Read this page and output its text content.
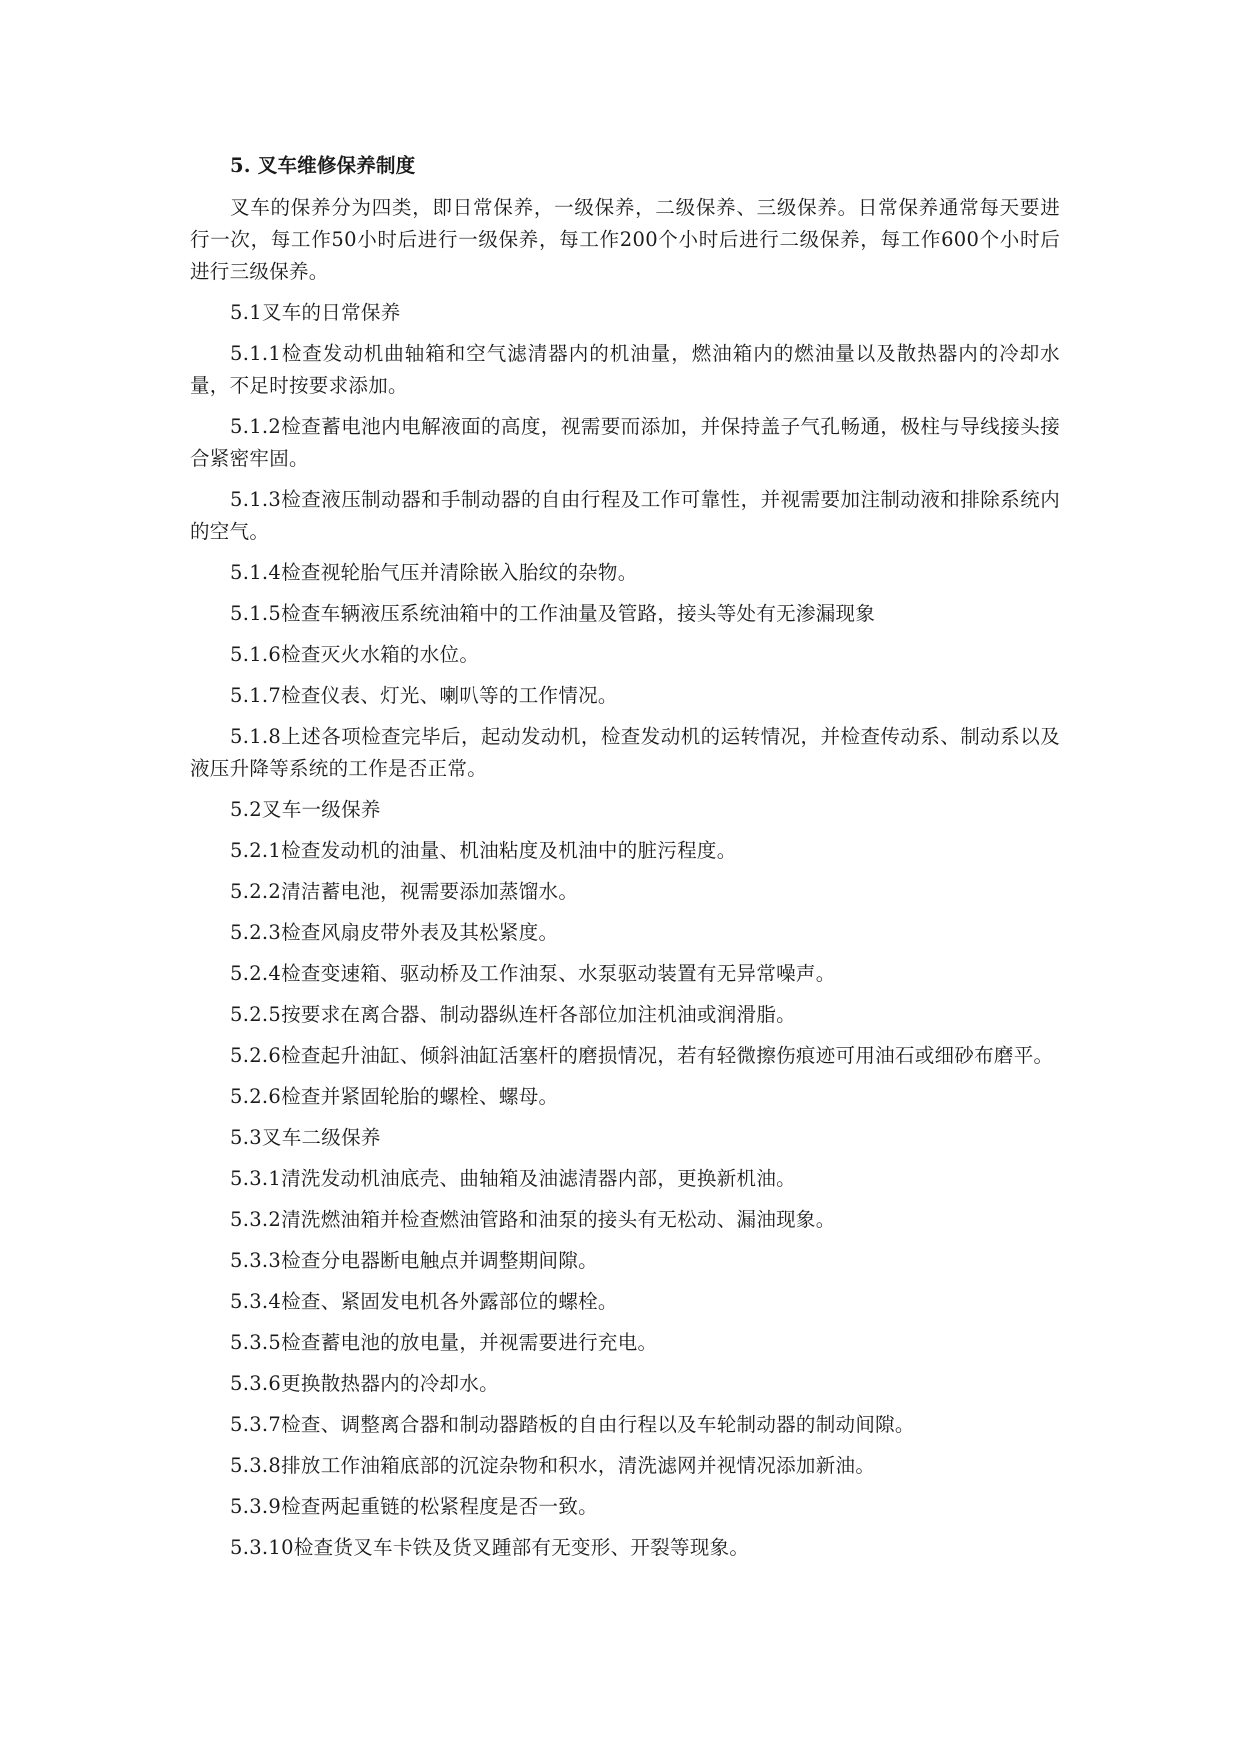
5. 叉车维修保养制度

叉车的保养分为四类，即日常保养，一级保养，二级保养、三级保养。日常保养通常每天要进行一次，每工作50小时后进行一级保养，每工作200个小时后进行二级保养，每工作600个小时后进行三级保养。

5.1叉车的日常保养

5.1.1检查发动机曲轴箱和空气滤清器内的机油量，燃油箱内的燃油量以及散热器内的冷却水量，不足时按要求添加。

5.1.2检查蓄电池内电解液面的高度，视需要而添加，并保持盖子气孔畅通，极柱与导线接头接合紧密牢固。

5.1.3检查液压制动器和手制动器的自由行程及工作可靠性，并视需要加注制动液和排除系统内的空气。

5.1.4检查视轮胎气压并清除嵌入胎纹的杂物。

5.1.5检查车辆液压系统油箱中的工作油量及管路，接头等处有无渗漏现象

5.1.6检查灭火水箱的水位。

5.1.7检查仪表、灯光、喇叭等的工作情况。

5.1.8上述各项检查完毕后，起动发动机，检查发动机的运转情况，并检查传动系、制动系以及液压升降等系统的工作是否正常。

5.2叉车一级保养

5.2.1检查发动机的油量、机油粘度及机油中的脏污程度。

5.2.2清洁蓄电池，视需要添加蒸馏水。

5.2.3检查风扇皮带外表及其松紧度。

5.2.4检查变速箱、驱动桥及工作油泵、水泵驱动装置有无异常噪声。

5.2.5按要求在离合器、制动器纵连杆各部位加注机油或润滑脂。

5.2.6检查起升油缸、倾斜油缸活塞杆的磨损情况，若有轻微擦伤痕迹可用油石或细砂布磨平。

5.2.6检查并紧固轮胎的螺栓、螺母。

5.3叉车二级保养

5.3.1清洗发动机油底壳、曲轴箱及油滤清器内部，更换新机油。

5.3.2清洗燃油箱并检查燃油管路和油泵的接头有无松动、漏油现象。

5.3.3检查分电器断电触点并调整期间隙。

5.3.4检查、紧固发电机各外露部位的螺栓。

5.3.5检查蓄电池的放电量，并视需要进行充电。

5.3.6更换散热器内的冷却水。

5.3.7检查、调整离合器和制动器踏板的自由行程以及车轮制动器的制动间隙。

5.3.8排放工作油箱底部的沉淀杂物和积水，清洗滤网并视情况添加新油。

5.3.9检查两起重链的松紧程度是否一致。

5.3.10检查货叉车卡铁及货叉踵部有无变形、开裂等现象。
